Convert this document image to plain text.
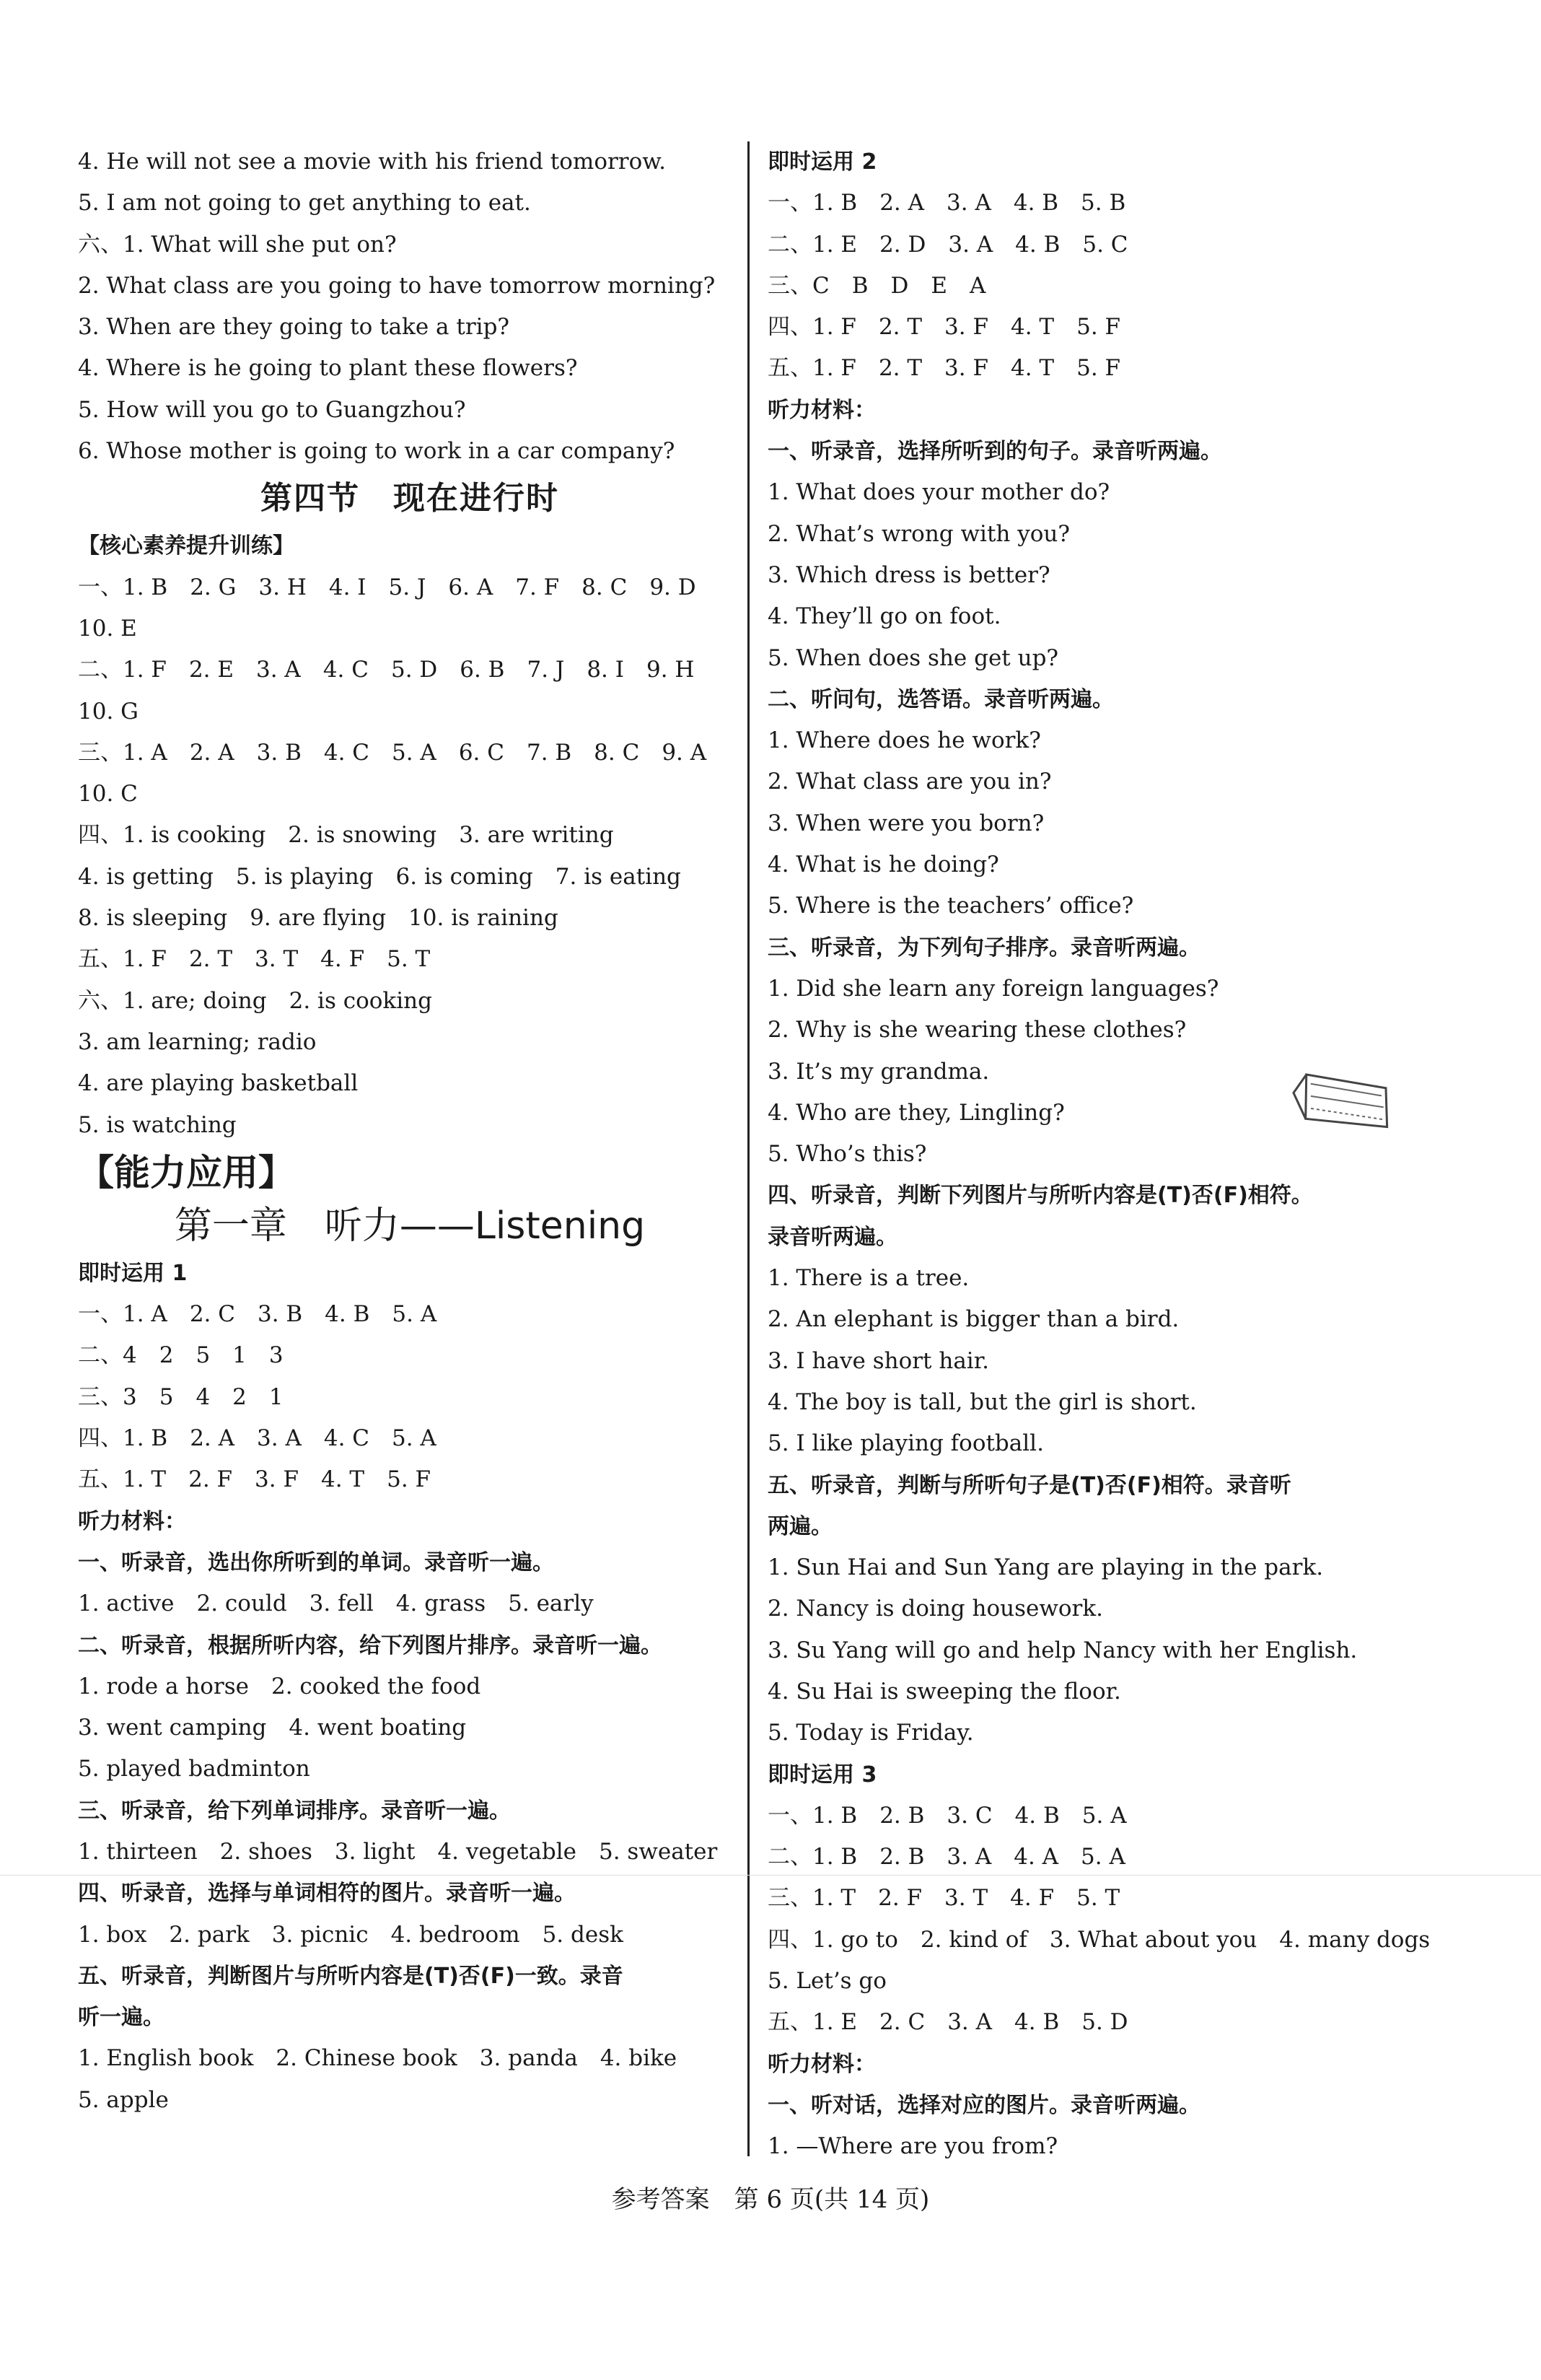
4. He will not see a movie with his friend tomorrow.
5. I am not going to get anything to eat.
六、1. What will she put on?
2. What class are you going to have tomorrow morning?
3. When are they going to take a trip?
4. Where is he going to plant these flowers?
5. How will you go to Guangzhou?
6. Whose mother is going to work in a car company?
第四节　现在进行时
【核心素养提升训练】
一、1. B　2. G　3. H　4. I　5. J　6. A　7. F　8. C　9. D
10. E
二、1. F　2. E　3. A　4. C　5. D　6. B　7. J　8. I　9. H
10. G
三、1. A　2. A　3. B　4. C　5. A　6. C　7. B　8. C　9. A
10. C
四、1. is cooking　2. is snowing　3. are writing
4. is getting　5. is playing　6. is coming　7. is eating
8. is sleeping　9. are flying　10. is raining
五、1. F　2. T　3. T　4. F　5. T
六、1. are; doing　2. is cooking
3. am learning; radio
4. are playing basketball
5. is watching
【能力应用】
第一章　听力——Listening
即时运用 1
一、1. A　2. C　3. B　4. B　5. A
二、4　2　5　1　3
三、3　5　4　2　1
四、1. B　2. A　3. A　4. C　5. A
五、1. T　2. F　3. F　4. T　5. F
听力材料：
一、听录音，选出你所听到的单词。录音听一遍。
1. active　2. could　3. fell　4. grass　5. early
二、听录音，根据所听内容，给下列图片排序。录音听一遍。
1. rode a horse　2. cooked the food
3. went camping　4. went boating
5. played badminton
三、听录音，给下列单词排序。录音听一遍。
1. thirteen　2. shoes　3. light　4. vegetable　5. sweater
四、听录音，选择与单词相符的图片。录音听一遍。
1. box　2. park　3. picnic　4. bedroom　5. desk
五、听录音，判断图片与所听内容是(T)否(F)一致。录音
听一遍。
1. English book　2. Chinese book　3. panda　4. bike
5. apple
即时运用 2
一、1. B　2. A　3. A　4. B　5. B
二、1. E　2. D　3. A　4. B　5. C
三、C　B　D　E　A
四、1. F　2. T　3. F　4. T　5. F
五、1. F　2. T　3. F　4. T　5. F
听力材料：
一、听录音，选择所听到的句子。录音听两遍。
1. What does your mother do?
2. What’s wrong with you?
3. Which dress is better?
4. They’ll go on foot.
5. When does she get up?
二、听问句，选答语。录音听两遍。
1. Where does he work?
2. What class are you in?
3. When were you born?
4. What is he doing?
5. Where is the teachers’ office?
三、听录音，为下列句子排序。录音听两遍。
1. Did she learn any foreign languages?
2. Why is she wearing these clothes?
3. It’s my grandma.
4. Who are they, Lingling?
5. Who’s this?
四、听录音，判断下列图片与所听内容是(T)否(F)相符。
录音听两遍。
1. There is a tree.
2. An elephant is bigger than a bird.
3. I have short hair.
4. The boy is tall, but the girl is short.
5. I like playing football.
五、听录音，判断与所听句子是(T)否(F)相符。录音听
两遍。
1. Sun Hai and Sun Yang are playing in the park.
2. Nancy is doing housework.
3. Su Yang will go and help Nancy with her English.
4. Su Hai is sweeping the floor.
5. Today is Friday.
即时运用 3
一、1. B　2. B　3. C　4. B　5. A
二、1. B　2. B　3. A　4. A　5. A
三、1. T　2. F　3. T　4. F　5. T
四、1. go to　2. kind of　3. What about you　4. many dogs
5. Let’s go
五、1. E　2. C　3. A　4. B　5. D
听力材料：
一、听对话，选择对应的图片。录音听两遍。
1. —Where are you from?
参考答案　第 6 页(共 14 页)
